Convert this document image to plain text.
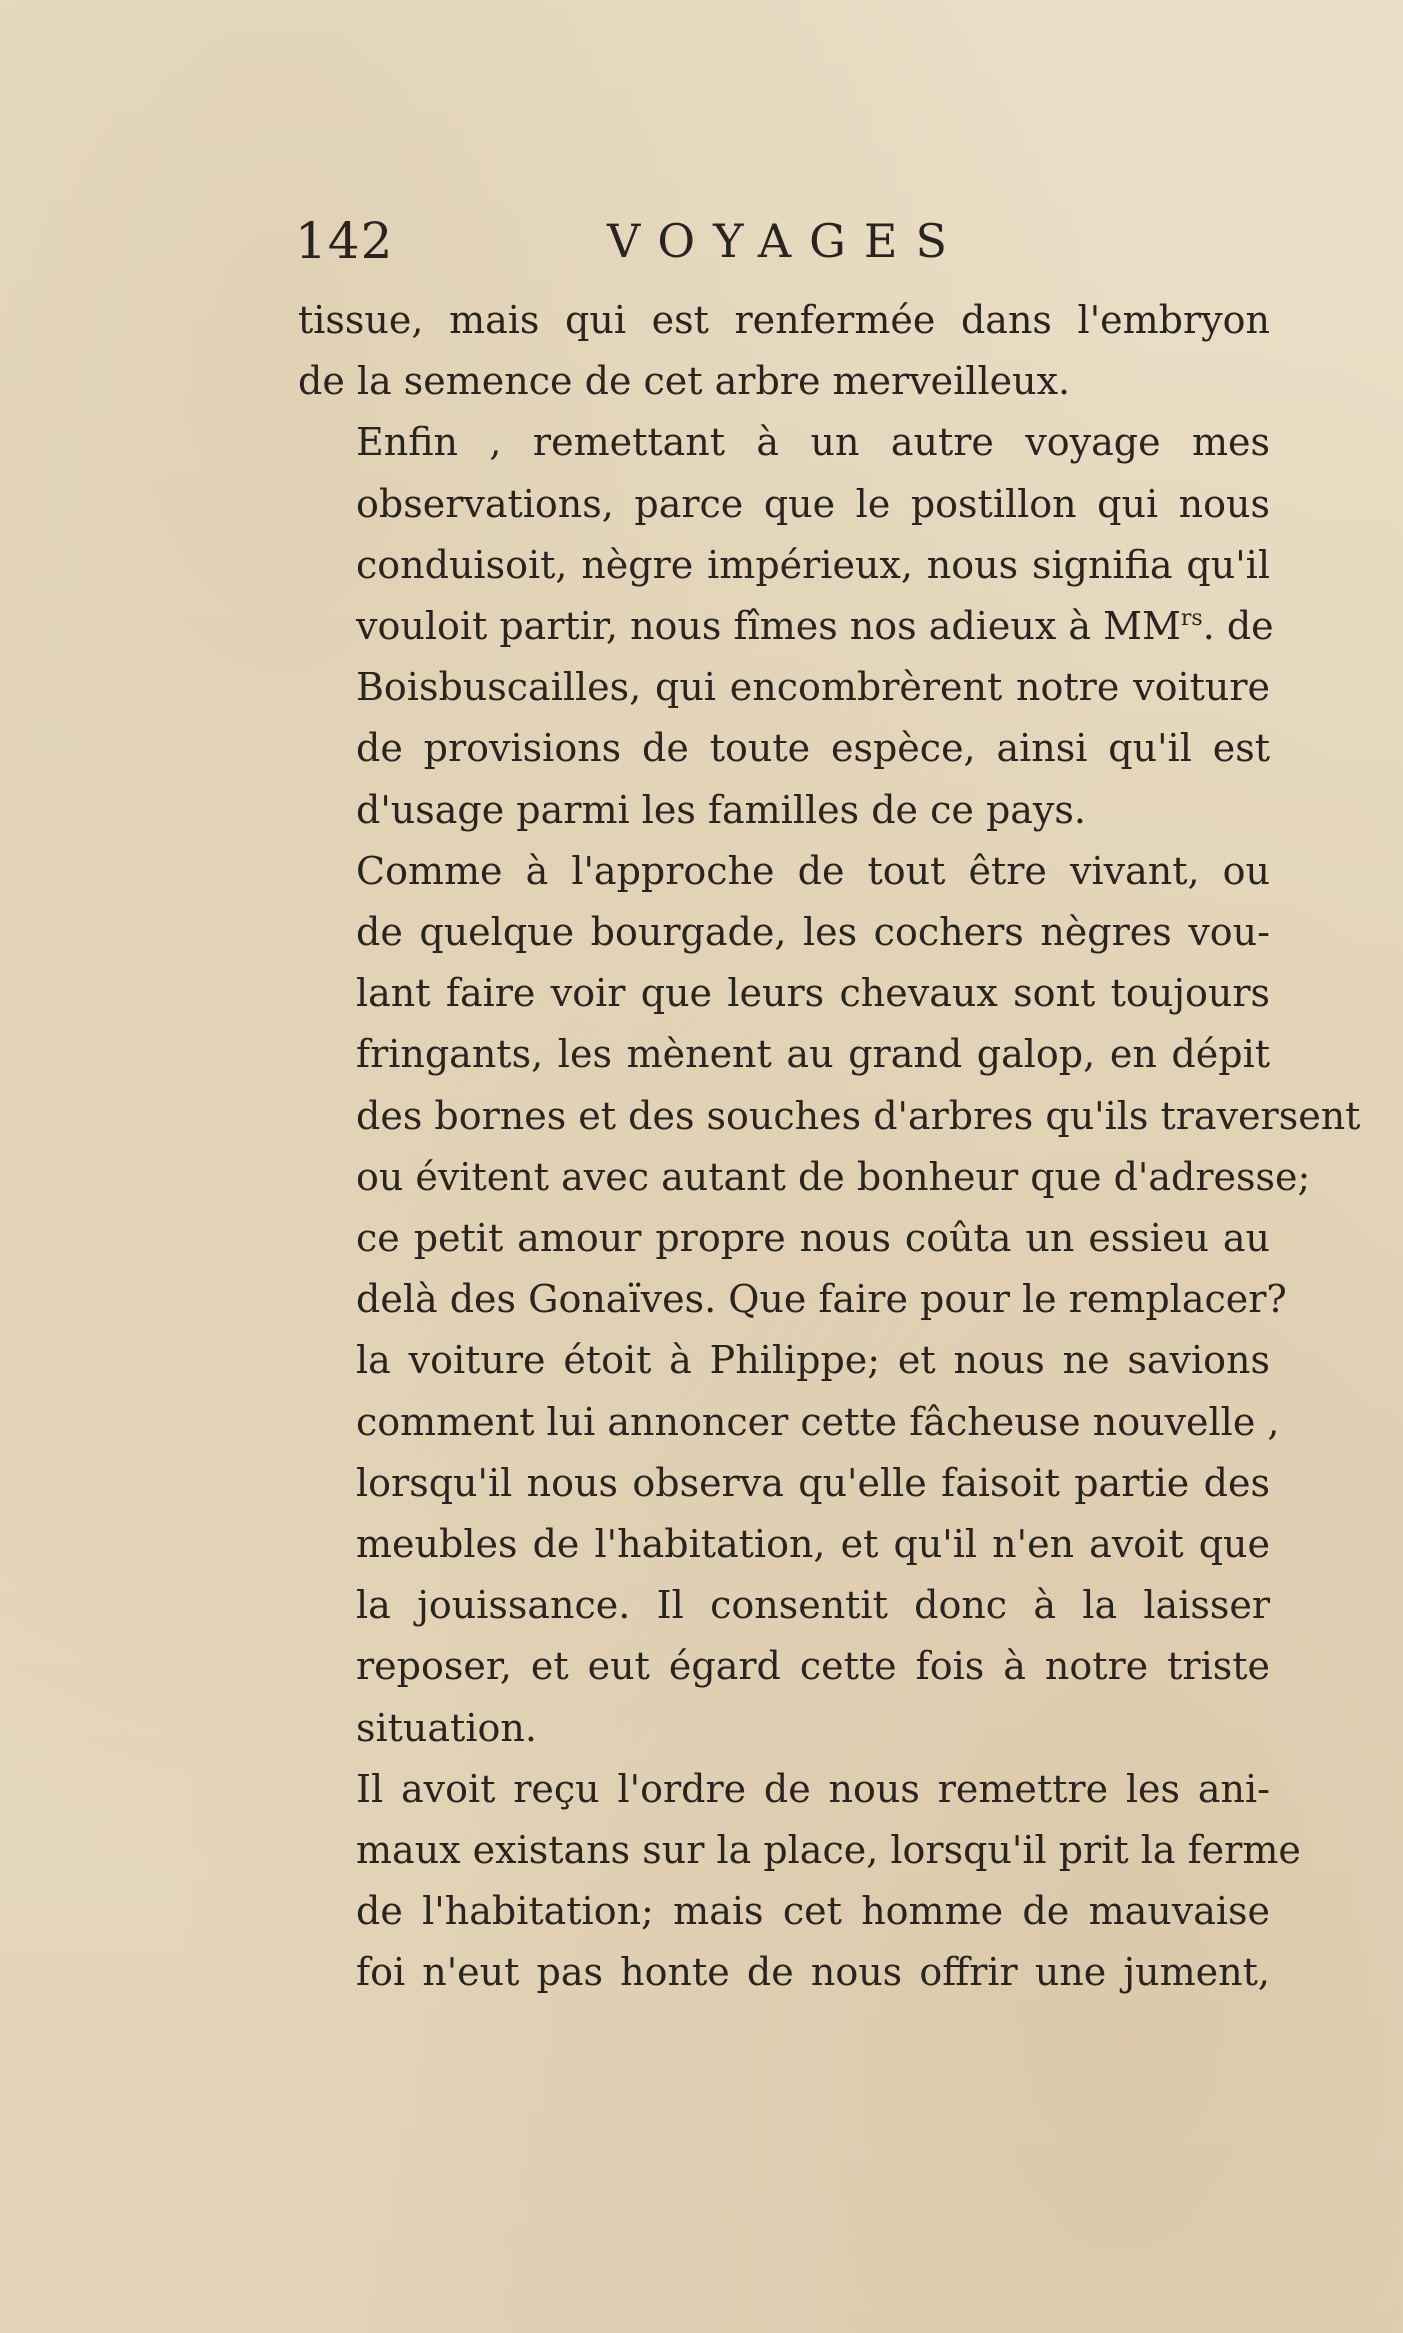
142	VOYAGES

tissue, mais qui est renfermée dans l'embryon
de la semence de cet arbre merveilleux.

Enfin , remettant à un autre voyage mes
observations, parce que le postillon qui nous
conduisoit, nègre impérieux, nous signifia qu'il
vouloit partir, nous fîmes nos adieux à $MM^{rs}$. de
Boisbuscailles, qui encombrèrent notre voiture
de provisions de toute espèce, ainsi qu'il est
d'usage parmi les familles de ce pays.

Comme à l'approche de tout être vivant, ou
de quelque bourgade, les cochers nègres vou-
lant faire voir que leurs chevaux sont toujours
fringants, les mènent au grand galop, en dépit
des bornes et des souches d'arbres qu'ils traversent
ou évitent avec autant de bonheur que d'adresse;
ce petit amour propre nous coûta un essieu au
delà des Gonaïves. Que faire pour le remplacer?
la voiture étoit à Philippe; et nous ne savions
comment lui annoncer cette fâcheuse nouvelle ,
lorsqu'il nous observa qu'elle faisoit partie des
meubles de l'habitation, et qu'il n'en avoit que
la jouissance. Il consentit donc à la laisser
reposer, et eut égard cette fois à notre triste
situation.

Il avoit reçu l'ordre de nous remettre les ani-
maux existans sur la place, lorsqu'il prit la ferme
de l'habitation; mais cet homme de mauvaise
foi n'eut pas honte de nous offrir une jument,
